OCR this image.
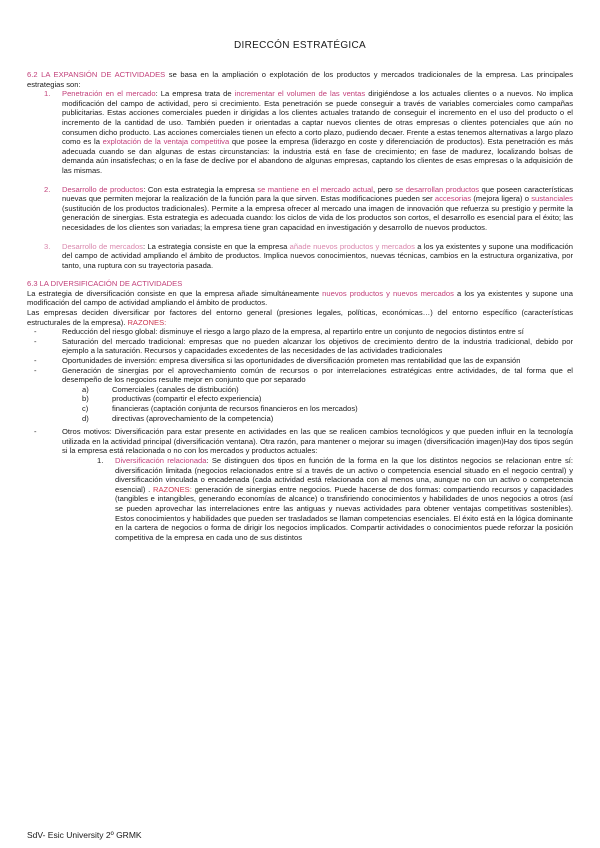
DIRECCÓN ESTRATÉGICA

6.2 LA EXPANSIÓN DE ACTIVIDADES se basa en la ampliación o explotación de los productos y mercados tradicionales de la empresa. Las principales estrategias son:

1. Penetración en el mercado: La empresa trata de incrementar el volumen de las ventas dirigiéndose a los actuales clientes o a nuevos. No implica modificación del campo de actividad, pero si crecimiento. Esta penetración se puede conseguir a través de variables comerciales como campañas publicitarias. Estas acciones comerciales pueden ir dirigidas a los clientes actuales tratando de conseguir el incremento en el uso del producto o el incremento de la cantidad de uso. También pueden ir orientadas a captar nuevos clientes de otras empresas o clientes potenciales que aún no consumen dicho producto. Las acciones comerciales tienen un efecto a corto plazo, pudiendo decaer. Frente a estas tenemos alternativas a largo plazo como es la explotación de la ventaja competitiva que posee la empresa (liderazgo en coste y diferenciación de productos). Esta penetración es más adecuada cuando se dan algunas de estas circunstancias: la industria está en fase de crecimiento; en fase de madurez, localizando bolsas de demanda aún insatisfechas; o en la fase de declive por el abandono de algunas empresas, captando los clientes de esas empresas o la adquisición de las mismas.
2. Desarrollo de productos: Con esta estrategia la empresa se mantiene en el mercado actual, pero se desarrollan productos que poseen características nuevas que permiten mejorar la realización de la función para la que sirven. Estas modificaciones pueden ser accesorias (mejora ligera) o sustanciales (sustitución de los productos tradicionales). Permite a la empresa ofrecer al mercado una imagen de innovación que refuerza su prestigio y permite la generación de sinergias. Esta estrategia es adecuada cuando: los ciclos de vida de los productos son cortos, el desarrollo es esencial para el éxito; las necesidades de los clientes son variadas; la empresa tiene gran capacidad en investigación y desarrollo de nuevos productos.
3. Desarrollo de mercados: La estrategia consiste en que la empresa añade nuevos productos y mercados a los ya existentes y supone una modificación del campo de actividad ampliando el ámbito de productos. Implica nuevos conocimientos, nuevas técnicas, cambios en la estructura organizativa, por tanto, una ruptura con su trayectoria pasada.

6.3 LA DIVERSIFICACIÓN DE ACTIVIDADES

La estrategia de diversificación consiste en que la empresa añade simultáneamente nuevos productos y nuevos mercados a los ya existentes y supone una modificación del campo de actividad ampliando el ámbito de productos.

Las empresas deciden diversificar por factores del entorno general (presiones legales, políticas, económicas…) del entorno específico (características estructurales de la empresa). RAZONES:

-	Reducción del riesgo global: disminuye el riesgo a largo plazo de la empresa, al repartirlo entre un conjunto de negocios distintos entre sí
-	Saturación del mercado tradicional: empresas que no pueden alcanzar los objetivos de crecimiento dentro de la industria tradicional, debido por ejemplo a la saturación. Recursos y capacidades excedentes de las necesidades de las actividades tradicionales
-	Oportunidades de inversión: empresa diversifica si las oportunidades de diversificación prometen mas rentabilidad que las de expansión
-	Generación de sinergias por el aprovechamiento común de recursos o por interrelaciones estratégicas entre actividades, de tal forma que el desempeño de los negocios resulte mejor en conjunto que por separado
a)	Comerciales (canales de distribución)
b)	productivas (compartir el efecto experiencia)
c)	financieras (captación conjunta de recursos financieros en los mercados)
d)	directivas (aprovechamiento de la competencia)
-	Otros motivos: Diversificación para estar presente en actividades en las que se realicen cambios tecnológicos y que pueden influir en la tecnología utilizada en la actividad principal (diversificación ventana). Otra razón, para mantener o mejorar su imagen (diversificación imagen)Hay dos tipos según si la empresa está relacionada o no con los mercados y productos actuales:
1. Diversificación relacionada: Se distinguen dos tipos en función de la forma en la que los distintos negocios se relacionan entre sí: diversificación limitada (negocios relacionados entre sí a través de un activo o competencia esencial situado en el negocio central) y diversificación vinculada o encadenada (cada actividad está relacionada con al menos una, aunque no con un activo o competencia esencial) . RAZONES: generación de sinergias entre negocios. Puede hacerse de dos formas: compartiendo recursos y capacidades (tangibles e intangibles, generando economías de alcance) o transfiriendo conocimientos y habilidades de unos negocios a otros (así se pueden aprovechar las interrelaciones entre las antiguas y nuevas actividades para obtener ventajas competitivas sostenibles). Estos conocimientos y habilidades que pueden ser trasladados se llaman competencias esenciales. El éxito está en la lógica dominante en la cartera de negocios o forma de dirigir los negocios implicados. Compartir actividades o conocimientos puede reforzar la posición competitiva de la empresa en cada uno de sus distintos
SdV- Esic University 2º GRMK
